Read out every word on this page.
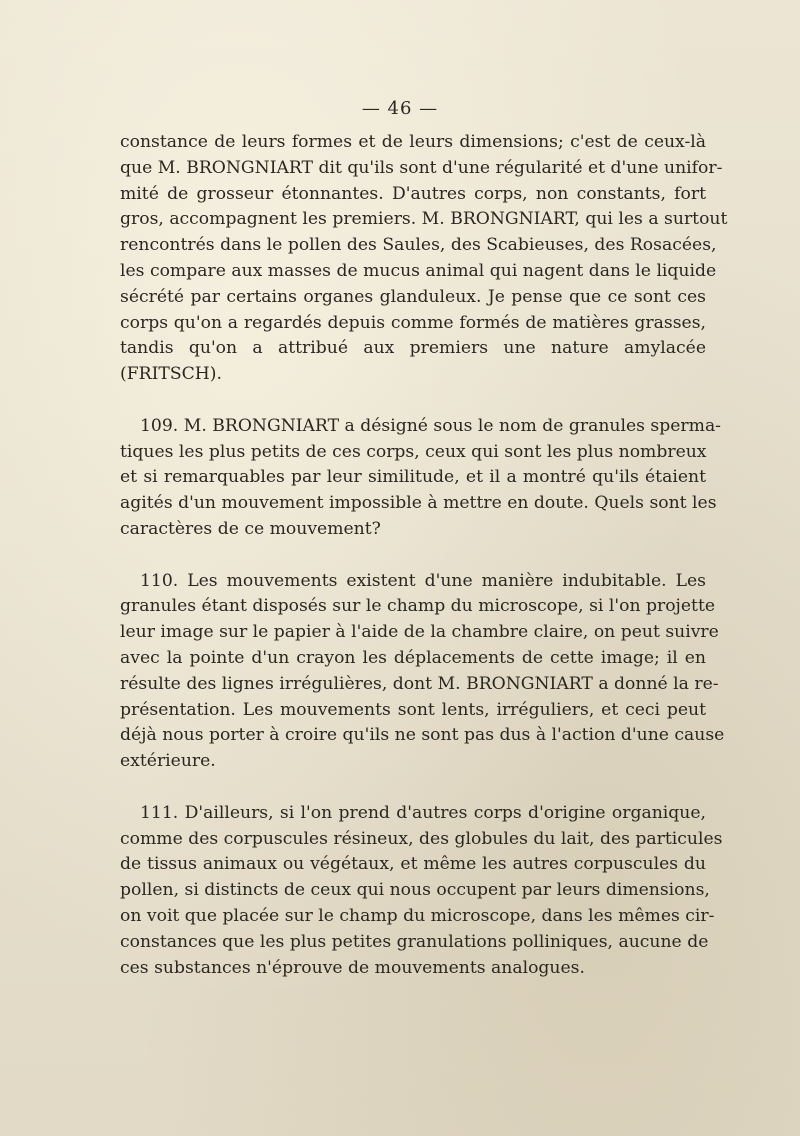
— 46 —

constance de leurs formes et de leurs dimensions; c'est de ceux-là
que M. BRONGNIART dit qu'ils sont d'une régularité et d'une unifor-
mité de grosseur étonnantes. D'autres corps, non constants, fort
gros, accompagnent les premiers. M. BRONGNIART, qui les a surtout
rencontrés dans le pollen des Saules, des Scabieuses, des Rosacées,
les compare aux masses de mucus animal qui nagent dans le liquide
sécrété par certains organes glanduleux. Je pense que ce sont ces
corps qu'on a regardés depuis comme formés de matières grasses,
tandis qu'on a attribué aux premiers une nature amylacée
(FRITSCH).

109. M. BRONGNIART a désigné sous le nom de granules sperma-
tiques les plus petits de ces corps, ceux qui sont les plus nombreux
et si remarquables par leur similitude, et il a montré qu'ils étaient
agités d'un mouvement impossible à mettre en doute. Quels sont les
caractères de ce mouvement?

110. Les mouvements existent d'une manière indubitable. Les
granules étant disposés sur le champ du microscope, si l'on projette
leur image sur le papier à l'aide de la chambre claire, on peut suivre
avec la pointe d'un crayon les déplacements de cette image; il en
résulte des lignes irrégulières, dont M. BRONGNIART a donné la re-
présentation. Les mouvements sont lents, irréguliers, et ceci peut
déjà nous porter à croire qu'ils ne sont pas dus à l'action d'une cause
extérieure.

111. D'ailleurs, si l'on prend d'autres corps d'origine organique,
comme des corpuscules résineux, des globules du lait, des particules
de tissus animaux ou végétaux, et même les autres corpuscules du
pollen, si distincts de ceux qui nous occupent par leurs dimensions,
on voit que placée sur le champ du microscope, dans les mêmes cir-
constances que les plus petites granulations polliniques, aucune de
ces substances n'éprouve de mouvements analogues.
